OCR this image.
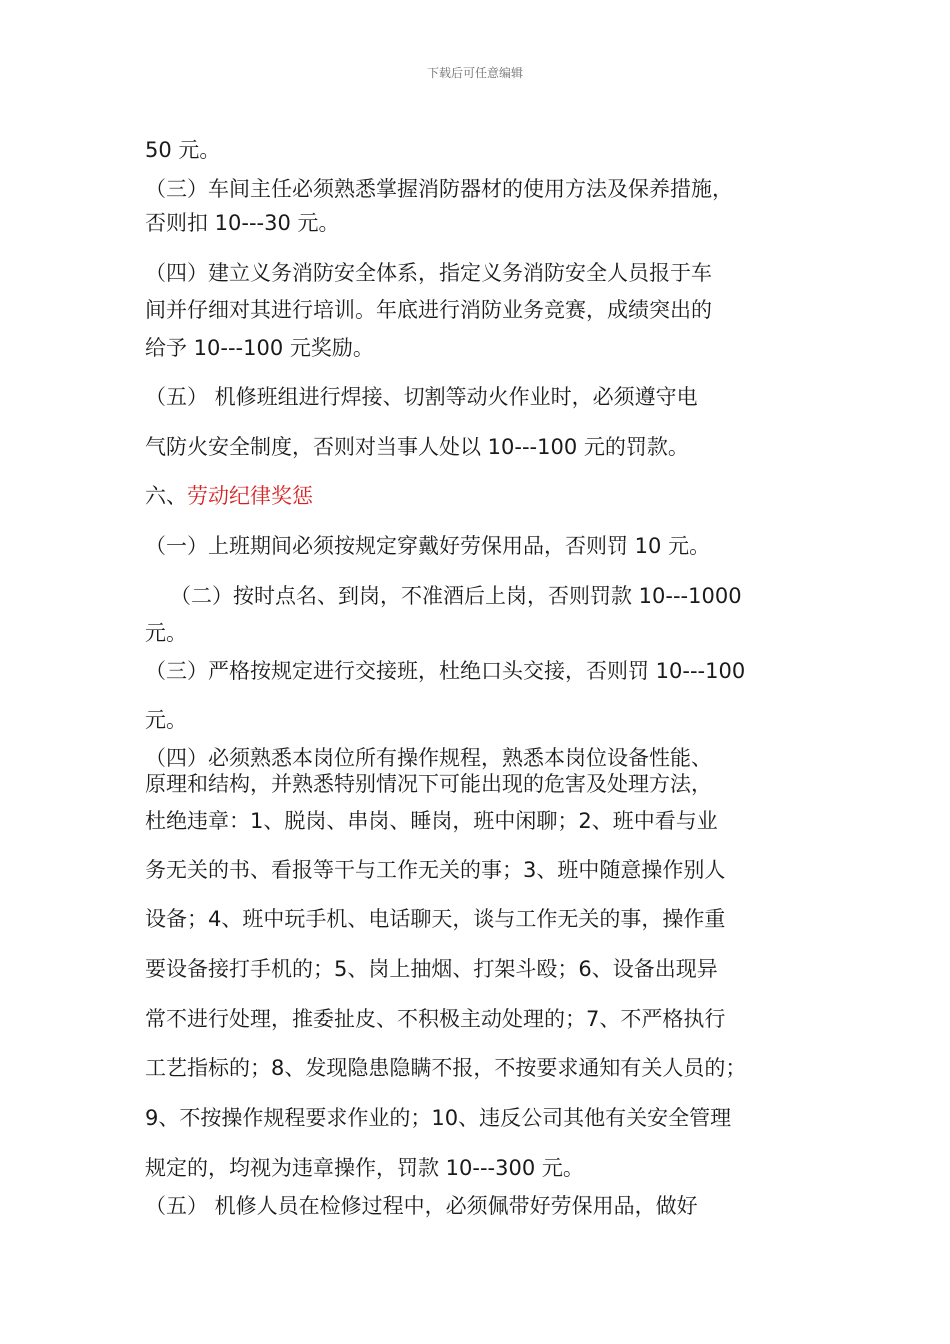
下载后可任意编辑
50 元。
（三）车间主任必须熟悉掌握消防器材的使用方法及保养措施，
否则扣 10---30 元。
（四）建立义务消防安全体系，指定义务消防安全人员报于车
间并仔细对其进行培训。年底进行消防业务竞赛，成绩突出的
给予 10---100 元奖励。
（五） 机修班组进行焊接、切割等动火作业时，必须遵守电
气防火安全制度，否则对当事人处以 10---100 元的罚款。
六、劳动纪律奖惩
（一）上班期间必须按规定穿戴好劳保用品，否则罚 10 元。
（二）按时点名、到岗，不准酒后上岗，否则罚款 10---1000
元。
（三）严格按规定进行交接班，杜绝口头交接，否则罚 10---100
元。
（四）必须熟悉本岗位所有操作规程，熟悉本岗位设备性能、
原理和结构，并熟悉特别情况下可能出现的危害及处理方法，
杜绝违章：1、脱岗、串岗、睡岗，班中闲聊；2、班中看与业
务无关的书、看报等干与工作无关的事；3、班中随意操作别人
设备；4、班中玩手机、电话聊天，谈与工作无关的事，操作重
要设备接打手机的；5、岗上抽烟、打架斗殴；6、设备出现异
常不进行处理，推委扯皮、不积极主动处理的；7、不严格执行
工艺指标的；8、发现隐患隐瞒不报，不按要求通知有关人员的；
9、不按操作规程要求作业的；10、违反公司其他有关安全管理
规定的，均视为违章操作，罚款 10---300 元。
（五） 机修人员在检修过程中，必须佩带好劳保用品，做好
